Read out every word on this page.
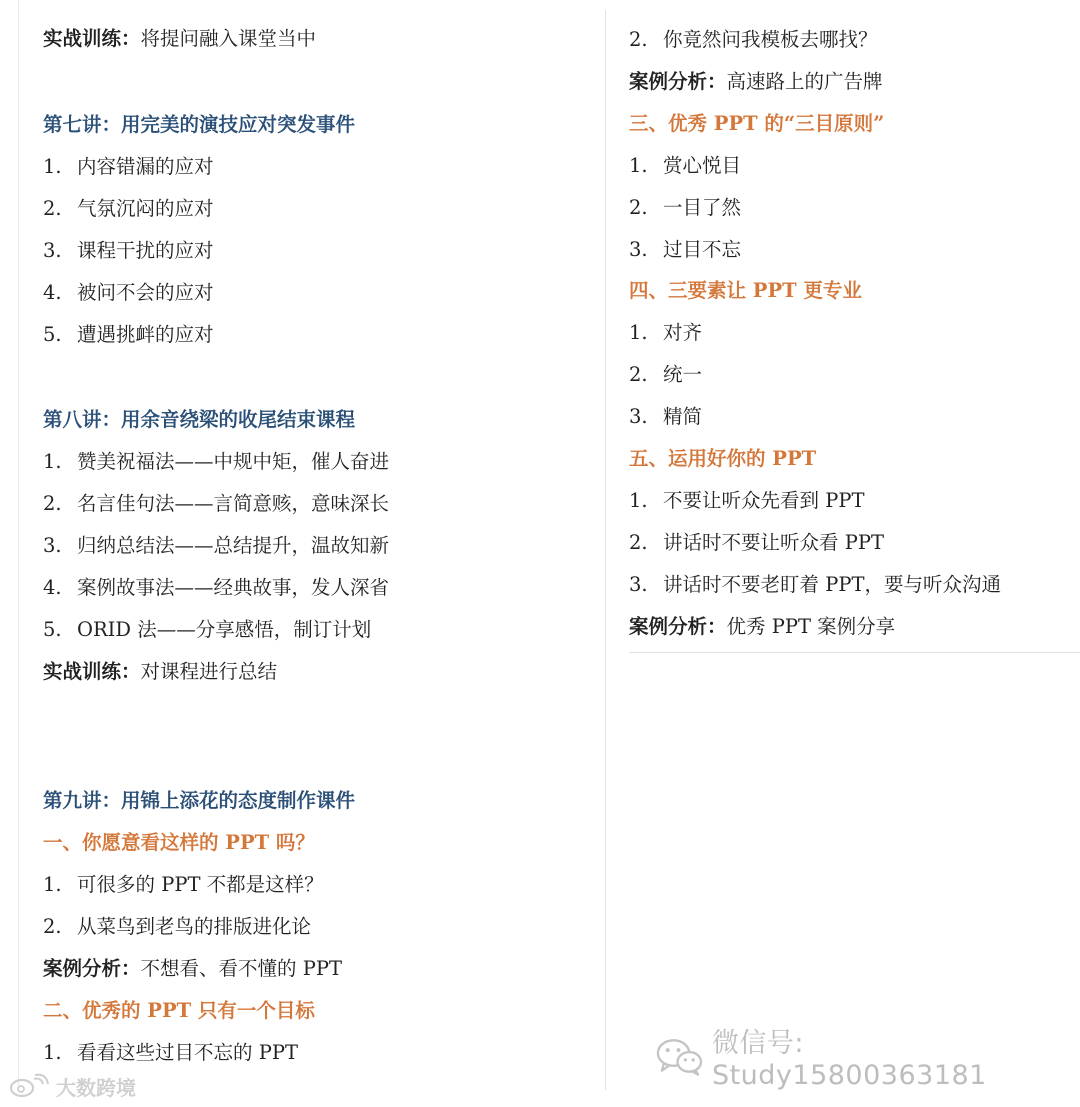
实战训练：将提问融入课堂当中
第七讲：用完美的演技应对突发事件
1. 内容错漏的应对
2. 气氛沉闷的应对
3. 课程干扰的应对
4. 被问不会的应对
5. 遭遇挑衅的应对
第八讲：用余音绕梁的收尾结束课程
1. 赞美祝福法——中规中矩，催人奋进
2. 名言佳句法——言简意赅，意味深长
3. 归纳总结法——总结提升，温故知新
4. 案例故事法——经典故事，发人深省
5. ORID 法——分享感悟，制订计划
实战训练：对课程进行总结
第九讲：用锦上添花的态度制作课件
一、你愿意看这样的 PPT 吗？
1. 可很多的 PPT 不都是这样？
2. 从菜鸟到老鸟的排版进化论
案例分析：不想看、看不懂的 PPT
二、优秀的 PPT 只有一个目标
1. 看看这些过目不忘的 PPT
2. 你竟然问我模板去哪找？
案例分析：高速路上的广告牌
三、优秀 PPT 的“三目原则”
1. 赏心悦目
2. 一目了然
3. 过目不忘
四、三要素让 PPT 更专业
1. 对齐
2. 统一
3. 精简
五、运用好你的 PPT
1. 不要让听众先看到 PPT
2. 讲话时不要让听众看 PPT
3. 讲话时不要老盯着 PPT，要与听众沟通
案例分析：优秀 PPT 案例分享
微信号: Study15800363181
大数跨境
